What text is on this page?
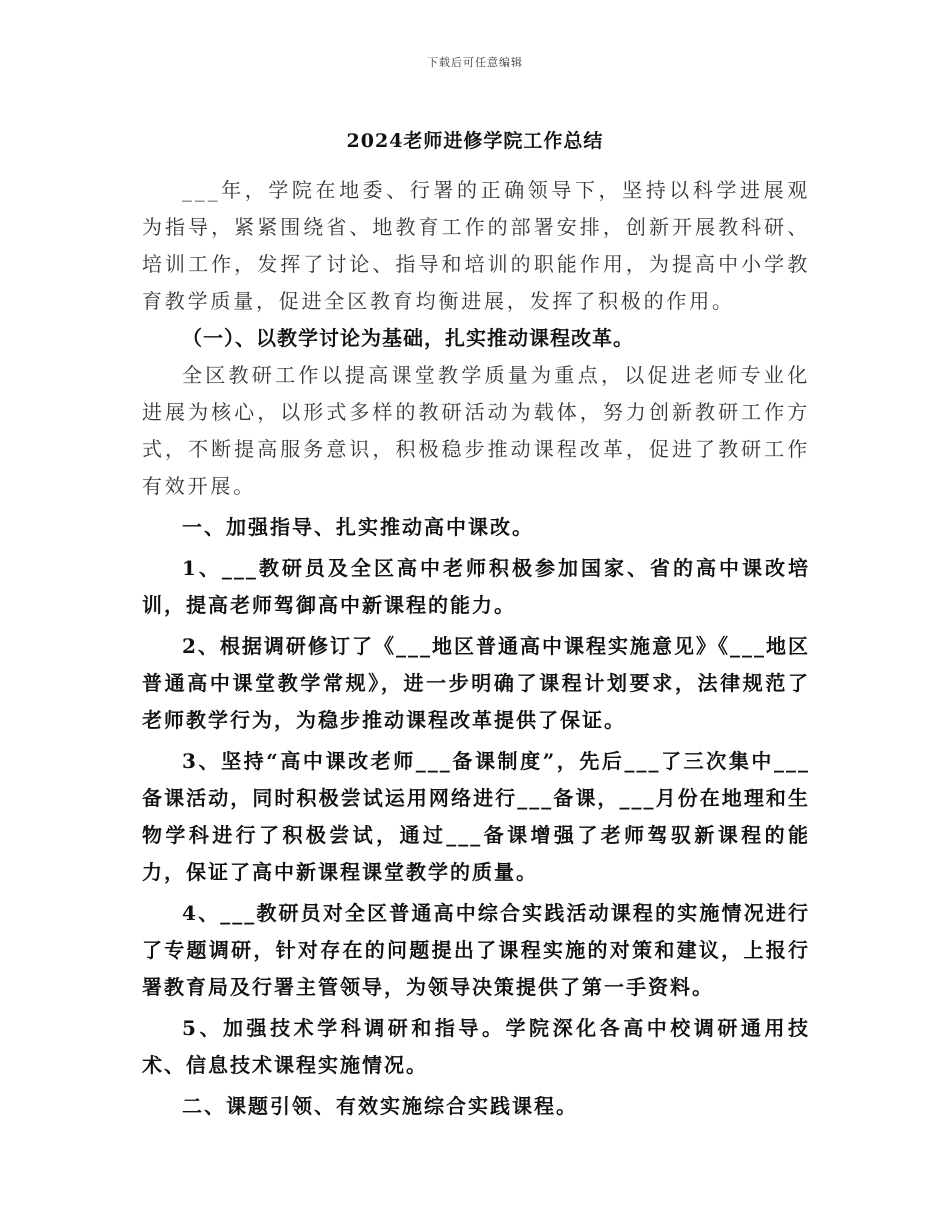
下载后可任意编辑
2024老师进修学院工作总结

___年，学院在地委、行署的正确领导下，坚持以科学进展观为指导，紧紧围绕省、地教育工作的部署安排，创新开展教科研、培训工作，发挥了讨论、指导和培训的职能作用，为提高中小学教育教学质量，促进全区教育均衡进展，发挥了积极的作用。

（一）、以教学讨论为基础，扎实推动课程改革。

全区教研工作以提高课堂教学质量为重点，以促进老师专业化进展为核心，以形式多样的教研活动为载体，努力创新教研工作方式，不断提高服务意识，积极稳步推动课程改革，促进了教研工作有效开展。

一、加强指导、扎实推动高中课改。

1、___教研员及全区高中老师积极参加国家、省的高中课改培训，提高老师驾御高中新课程的能力。

2、根据调研修订了《___地区普通高中课程实施意见》《___地区普通高中课堂教学常规》，进一步明确了课程计划要求，法律规范了老师教学行为，为稳步推动课程改革提供了保证。

3、坚持“高中课改老师___备课制度”，先后___了三次集中___备课活动，同时积极尝试运用网络进行___备课，___月份在地理和生物学科进行了积极尝试，通过___备课增强了老师驾驭新课程的能力，保证了高中新课程课堂教学的质量。

4、___教研员对全区普通高中综合实践活动课程的实施情况进行了专题调研，针对存在的问题提出了课程实施的对策和建议，上报行署教育局及行署主管领导，为领导决策提供了第一手资料。

5、加强技术学科调研和指导。学院深化各高中校调研通用技术、信息技术课程实施情况。

二、课题引领、有效实施综合实践课程。
